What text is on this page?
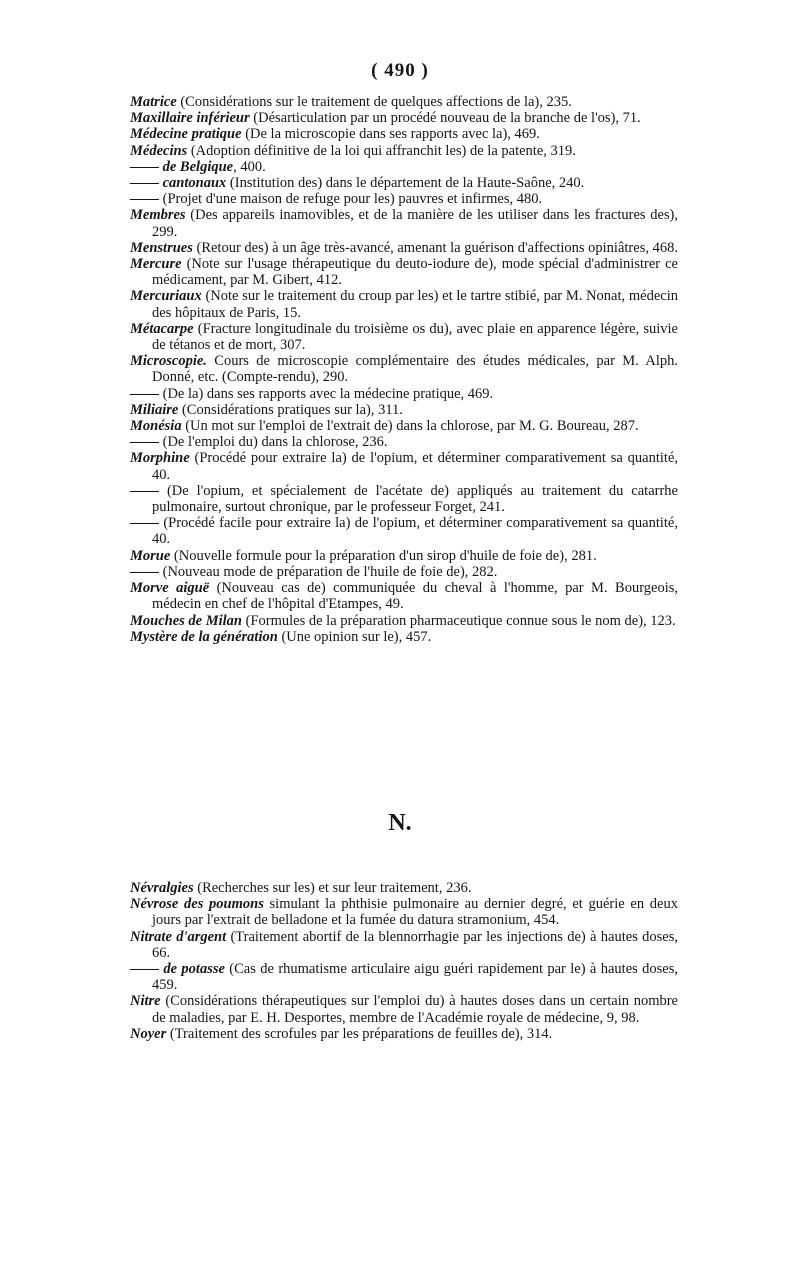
( 490 )

Matrice (Considérations sur le traitement de quelques affections de la), 235.

Maxillaire inférieur (Désarticulation par un procédé nouveau de la branche de l'os), 71.

Médecine pratique (De la microscopie dans ses rapports avec la), 469.

Médecins (Adoption définitive de la loi qui affranchit les) de la patente, 319.

—— de Belgique, 400.

—— cantonaux (Institution des) dans le département de la Haute-Saône, 240.

—— (Projet d'une maison de refuge pour les) pauvres et infirmes, 480.

Membres (Des appareils inamovibles, et de la manière de les utiliser dans les fractures des), 299.

Menstrues (Retour des) à un âge très-avancé, amenant la guérison d'affections opiniâtres, 468.

Mercure (Note sur l'usage thérapeutique du deuto-iodure de), mode spécial d'administrer ce médicament, par M. Gibert, 412.

Mercuriaux (Note sur le traitement du croup par les) et le tartre stibié, par M. Nonat, médecin des hôpitaux de Paris, 15.

Métacarpe (Fracture longitudinale du troisième os du), avec plaie en apparence légère, suivie de tétanos et de mort, 307.

Microscopie. Cours de microscopie complémentaire des études médicales, par M. Alph. Donné, etc. (Compte-rendu), 290.

—— (De la) dans ses rapports avec la médecine pratique, 469.

Miliaire (Considérations pratiques sur la), 311.

Monésia (Un mot sur l'emploi de l'extrait de) dans la chlorose, par M. G. Boureau, 287.

—— (De l'emploi du) dans la chlorose, 236.

Morphine (Procédé pour extraire la) de l'opium, et déterminer comparativement sa quantité, 40.

—— (De l'opium, et spécialement de l'acétate de) appliqués au traitement du catarrhe pulmonaire, surtout chronique, par le professeur Forget, 241.

—— (Procédé facile pour extraire la) de l'opium, et déterminer comparativement sa quantité, 40.

Morue (Nouvelle formule pour la préparation d'un sirop d'huile de foie de), 281.

—— (Nouveau mode de préparation de l'huile de foie de), 282.

Morve aiguë (Nouveau cas de) communiquée du cheval à l'homme, par M. Bourgeois, médecin en chef de l'hôpital d'Etampes, 49.

Mouches de Milan (Formules de la préparation pharmaceutique connue sous le nom de), 123.

Mystère de la génération (Une opinion sur le), 457.

N.

Névralgies (Recherches sur les) et sur leur traitement, 236.

Névrose des poumons simulant la phthisie pulmonaire au dernier degré, et guérie en deux jours par l'extrait de belladone et la fumée du datura stramonium, 454.

Nitrate d'argent (Traitement abortif de la blennorrhagie par les injections de) à hautes doses, 66.

—— de potasse (Cas de rhumatisme articulaire aigu guéri rapidement par le) à hautes doses, 459.

Nitre (Considérations thérapeutiques sur l'emploi du) à hautes doses dans un certain nombre de maladies, par E. H. Desportes, membre de l'Académie royale de médecine, 9, 98.

Noyer (Traitement des scrofules par les préparations de feuilles de), 314.
